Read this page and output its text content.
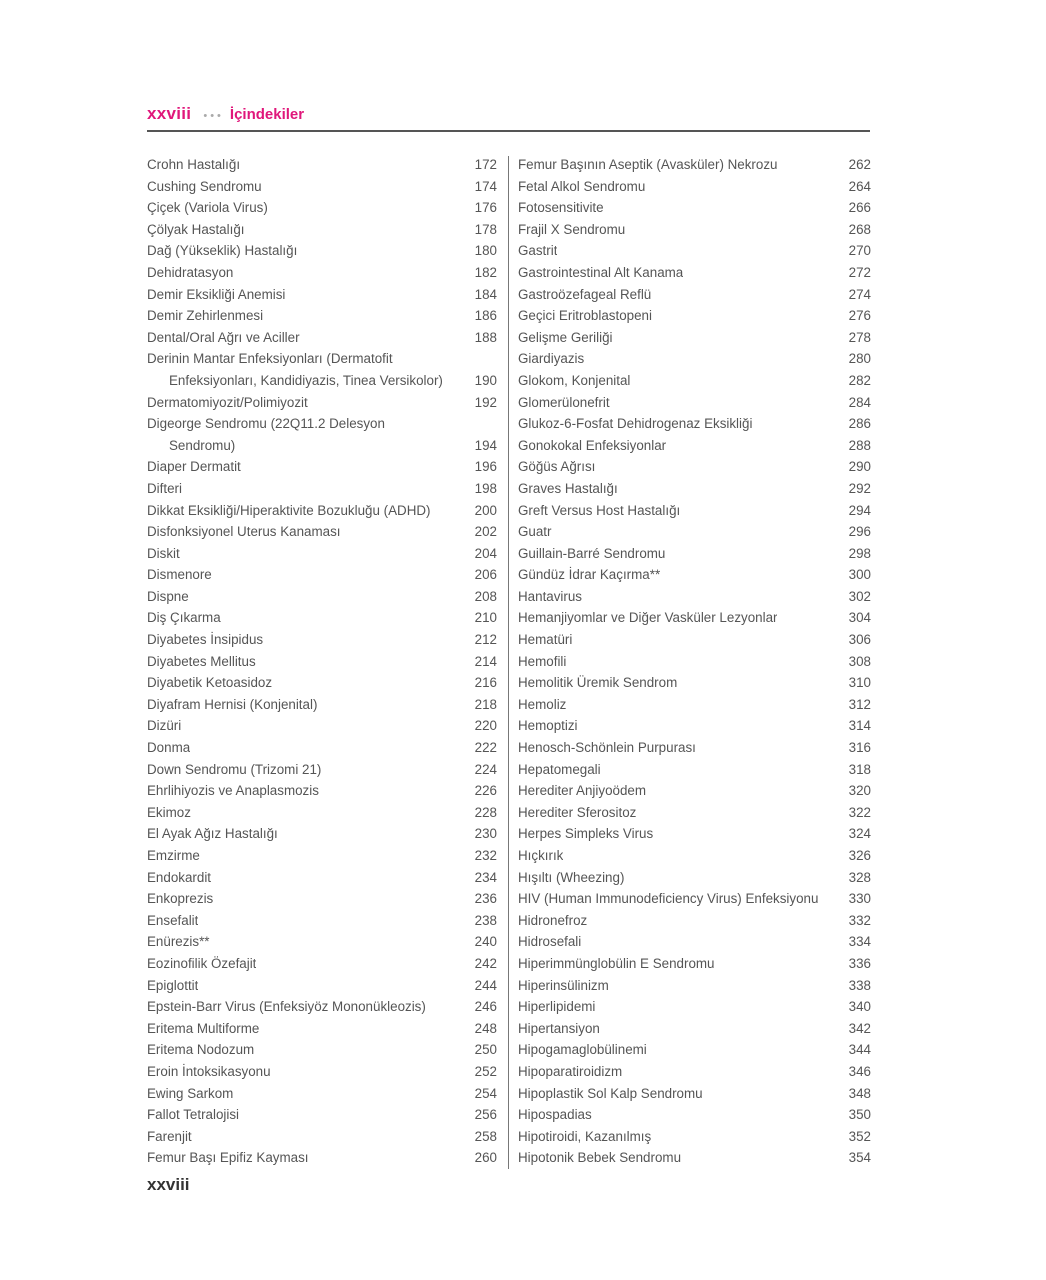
xxviii ••• İçindekiler
Crohn Hastalığı	172
Cushing Sendromu	174
Çiçek (Variola Virus)	176
Çölyak Hastalığı	178
Dağ (Yükseklik) Hastalığı	180
Dehidratasyon	182
Demir Eksikliği Anemisi	184
Demir Zehirlenmesi	186
Dental/Oral Ağrı ve Aciller	188
Derinin Mantar Enfeksiyonları (Dermatofit
Enfeksiyonları, Kandidiyazis, Tinea Versikolor)	190
Dermatomiyozit/Polimiyozit	192
Digeorge Sendromu (22Q11.2 Delesyon
Sendromu)	194
Diaper Dermatit	196
Difteri	198
Dikkat Eksikliği/Hiperaktivite Bozukluğu (ADHD)	200
Disfonksiyonel Uterus Kanaması	202
Diskit	204
Dismenore	206
Dispne	208
Diş Çıkarma	210
Diyabetes İnsipidus	212
Diyabetes Mellitus	214
Diyabetik Ketoasidoz	216
Diyafram Hernisi (Konjenital)	218
Dizüri	220
Donma	222
Down Sendromu (Trizomi 21)	224
Ehrlihiyozis ve Anaplasmozis	226
Ekimoz	228
El Ayak Ağız Hastalığı	230
Emzirme	232
Endokardit	234
Enkoprezis	236
Ensefalit	238
Enürezis**	240
Eozinofilik Özefajit	242
Epiglottit	244
Epstein-Barr Virus (Enfeksiyöz Mononükleozis)	246
Eritema Multiforme	248
Eritema Nodozum	250
Eroin İntoksikasyonu	252
Ewing Sarkom	254
Fallot Tetralojisi	256
Farenjit	258
Femur Başı Epifiz Kayması	260
Femur Başının Aseptik (Avasküler) Nekrozu	262
Fetal Alkol Sendromu	264
Fotosensitivite	266
Frajil X Sendromu	268
Gastrit	270
Gastrointestinal Alt Kanama	272
Gastroözefageal Reflü	274
Geçici Eritroblastopeni	276
Gelişme Geriliği	278
Giardiyazis	280
Glokom, Konjenital	282
Glomerülonefrit	284
Glukoz-6-Fosfat Dehidrogenaz Eksikliği	286
Gonokokal Enfeksiyonlar	288
Göğüs Ağrısı	290
Graves Hastalığı	292
Greft Versus Host Hastalığı	294
Guatr	296
Guillain-Barré Sendromu	298
Gündüz İdrar Kaçırma**	300
Hantavirus	302
Hemanjiyomlar ve Diğer Vasküler Lezyonlar	304
Hematüri	306
Hemofili	308
Hemolitik Üremik Sendrom	310
Hemoliz	312
Hemoptizi	314
Henosch-Schönlein Purpurası	316
Hepatomegali	318
Herediter Anjiyoödem	320
Herediter Sferositoz	322
Herpes Simpleks Virus	324
Hıçkırık	326
Hışıltı (Wheezing)	328
HIV (Human Immunodeficiency Virus) Enfeksiyonu	330
Hidronefroz	332
Hidrosefali	334
Hiperimmünglobülin E Sendromu	336
Hiperinsülinizm	338
Hiperlipidemi	340
Hipertansiyon	342
Hipogamaglobülinemi	344
Hipoparatiroidizm	346
Hipoplastik Sol Kalp Sendromu	348
Hipospadias	350
Hipotiroidi, Kazanılmış	352
Hipotonik Bebek Sendromu	354
xxviii
